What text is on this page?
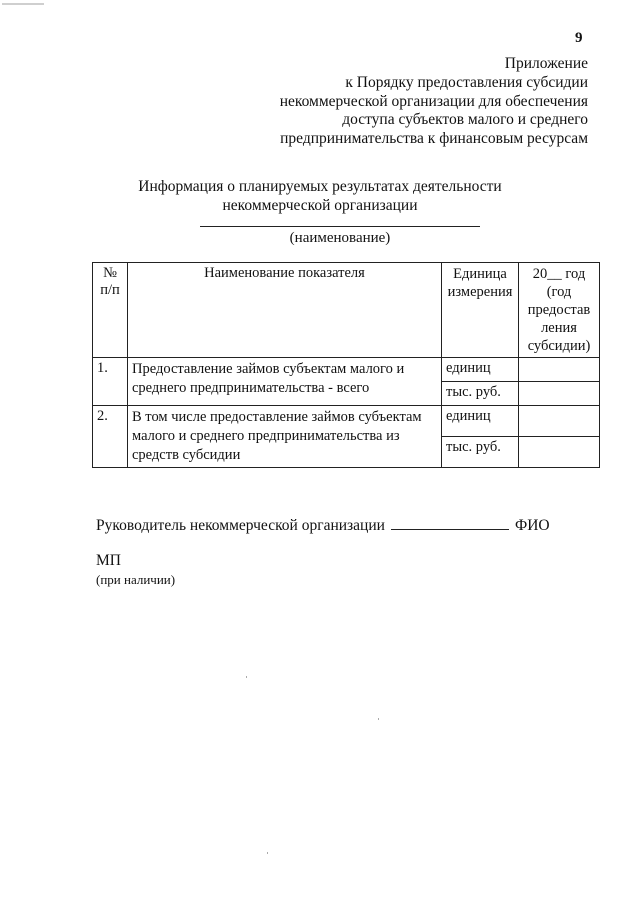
9
Приложение
к Порядку предоставления субсидии
некоммерческой организации для обеспечения
доступа субъектов малого и среднего
предпринимательства к финансовым ресурсам
Информация о планируемых результатах деятельности
некоммерческой организации
(наименование)
№ п/п	Наименование показателя	Единица измерения	20__ год (год предостав ления субсидии)
1.	Предоставление займов субъектам малого и среднего предпринимательства - всего	единиц	
		тыс. руб.	
2.	В том числе предоставление займов субъектам малого и среднего предпринимательства из средств субсидии	единиц	
		тыс. руб.	
Руководитель некоммерческой организации	ФИО
МП
(при наличии)
